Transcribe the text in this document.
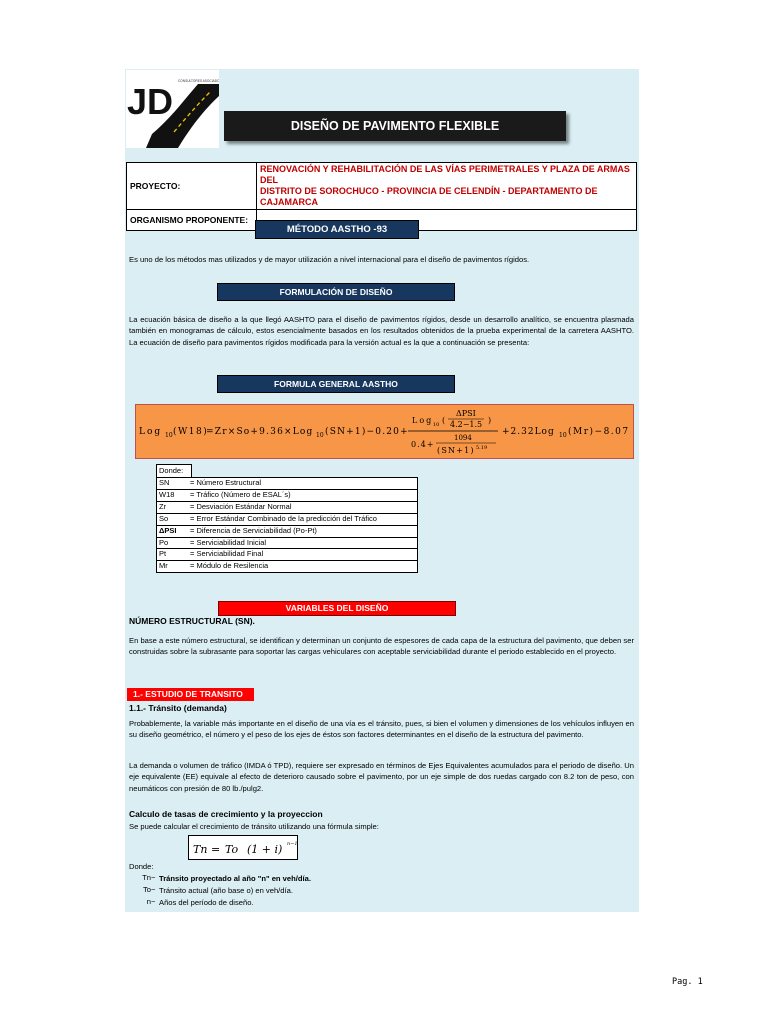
JD CONSULTORES ASOCIADOS
DISEÑO DE PAVIMENTO FLEXIBLE
PROYECTO:	RENOVACIÓN Y REHABILITACIÓN DE LAS VÍAS PERIMETRALES Y PLAZA DE ARMAS DEL
DISTRITO DE SOROCHUCO - PROVINCIA DE CELENDÍN - DEPARTAMENTO DE CAJAMARCA

ORGANISMO PROPONENTE:	
MÉTODO AASTHO -93
Es uno de los métodos mas utilizados y de mayor utilización a nivel internacional para el diseño de pavimentos rígidos.
FORMULACIÓN DE DISEÑO
La ecuación básica de diseño a la que llegó AASHTO para el diseño de pavimentos rígidos, desde un desarrollo analítico, se encuentra plasmada también en monogramas de cálculo, estos esencialmente basados en los resultados obtenidos de la prueba experimental de la carretera AASHTO. La ecuación de diseño para pavimentos rígidos modificada para la versión actual es la que a continuación se presenta:
FORMULA GENERAL AASTHO
Log 10 (W18)
=Zr×So+9.36×Log 10 (SN+1)−0.20+
Log 10 (
ΔPSI
4.2−1.5 )
0.4+
1094
(SN+1) 5.19
+2.32Log 10 (Mr)−8.07
Donde:
SN	= Número Estructural
W18	= Tráfico (Número de ESAL´s)
Zr	= Desviación Estándar Normal
So	= Error Estándar Combinado de la predicción del Tráfico
ΔPSI	= Diferencia de Serviciabilidad (Po-Pt)
Po	= Serviciabilidad Inicial
Pt	= Serviciabilidad Final
Mr	= Módulo de Resilencia
VARIABLES DEL DISEÑO
NÚMERO ESTRUCTURAL (SN).
En base a este número estructural, se identifican y determinan un conjunto de espesores de cada capa de la estructura del pavimento, que deben ser construidas sobre la subrasante para soportar las cargas vehiculares con aceptable serviciabilidad durante el periodo establecido en el proyecto.
1.- ESTUDIO DE TRANSITO
1.1.- Tránsito (demanda)
Probablemente, la variable más importante en el diseño de una vía es el tránsito, pues, si bien el volumen y dimensiones de los vehículos influyen en su diseño geométrico, el número y el peso de los ejes de éstos son factores determinantes en el diseño de la estructura del pavimento.
La demanda o volumen de tráfico (IMDA ó TPD), requiere ser expresado en términos de Ejes Equivalentes acumulados para el periodo de diseño. Un eje equivalente (EE) equivale al efecto de deterioro causado sobre el pavimento, por un eje simple de dos ruedas cargado con 8.2 ton de peso, con neumáticos con presión de 80 lb./pulg2.
Calculo de tasas de crecimiento y la proyeccion
Se puede calcular el crecimiento de tránsito utilizando una fórmula simple:
Tn = To (1 + i) n−1
Donde:
Tn − Tránsito proyectado al año "n" en veh/día.
To − Tránsito actual (año base o) en veh/día.
n − Años del período de diseño.
Pag. 1
